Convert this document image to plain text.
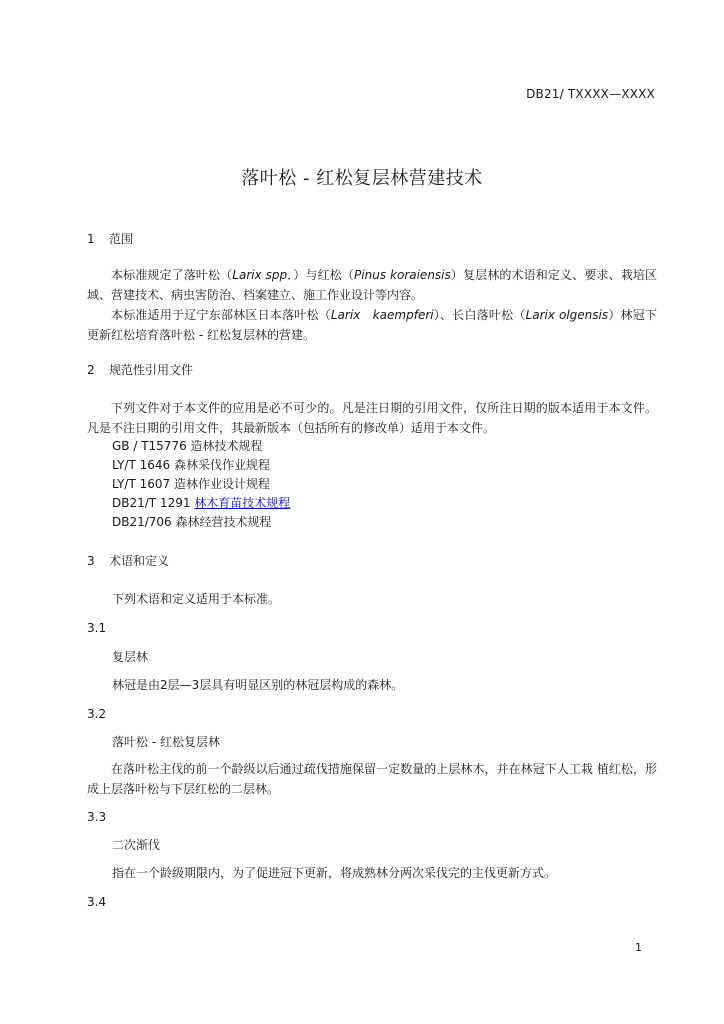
DB21/ TXXXX—XXXX
落叶松 - 红松复层林营建技术
1 范围

本标准规定了落叶松（Larix spp．）与红松（Pinus koraiensis）复层林的术语和定义、要求、栽培区域、营建技术、病虫害防治、档案建立、施工作业设计等内容。

本标准适用于辽宁东部林区日本落叶松（Larix　kaempferi）、长白落叶松（Larix olgensis）林冠下更新红松培育落叶松 - 红松复层林的营建。

2 规范性引用文件

下列文件对于本文件的应用是必不可少的。凡是注日期的引用文件，仅所注日期的版本适用于本文件。凡是不注日期的引用文件，其最新版本（包括所有的修改单）适用于本文件。

GB / T15776 造林技术规程
LY/T 1646 森林采伐作业规程
LY/T 1607 造林作业设计规程
DB21/T 1291 林木育苗技术规程
DB21/706 森林经营技术规程
3 术语和定义
下列术语和定义适用于本标准。
3.1
复层林
林冠是由2层—3层具有明显区别的林冠层构成的森林。
3.2
落叶松 - 红松复层林

在落叶松主伐的前一个龄级以后通过疏伐措施保留一定数量的上层林木，并在林冠下人工栽 植红松，形成上层落叶松与下层红松的二层林。

3.3
二次渐伐
指在一个龄级期限内，为了促进冠下更新，将成熟林分两次采伐完的主伐更新方式。
3.4
1
